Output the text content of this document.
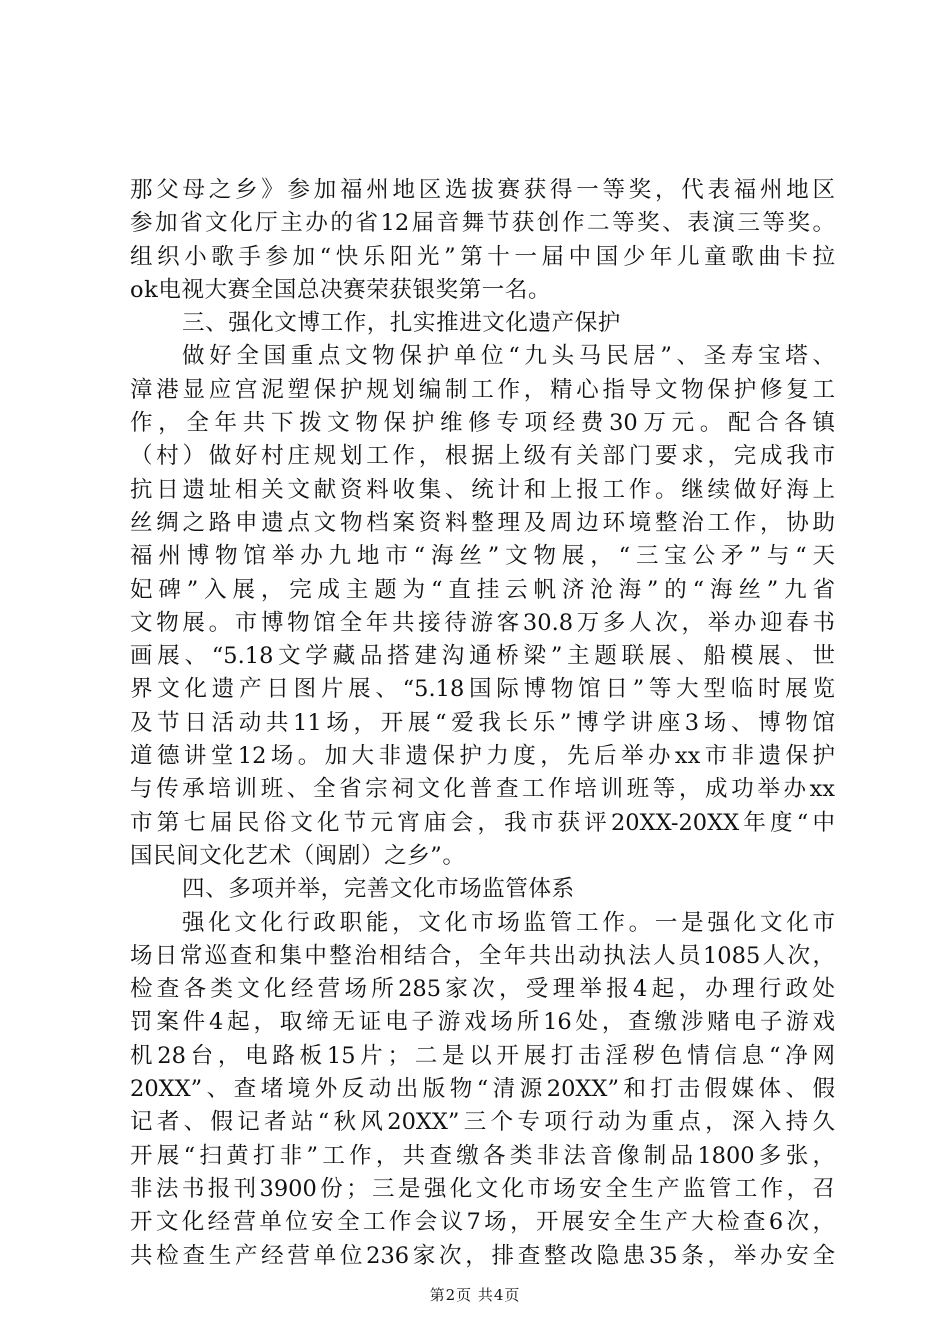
那父母之乡》参加福州地区选拔赛获得一等奖，代表福州地区
参加省文化厅主办的省12届音舞节获创作二等奖、表演三等奖。
组织小歌手参加“快乐阳光”第十一届中国少年儿童歌曲卡拉
ok电视大赛全国总决赛荣获银奖第一名。
三、强化文博工作，扎实推进文化遗产保护
做好全国重点文物保护单位“九头马民居”、圣寿宝塔、
漳港显应宫泥塑保护规划编制工作，精心指导文物保护修复工
作，全年共下拨文物保护维修专项经费30万元。配合各镇
（村）做好村庄规划工作，根据上级有关部门要求，完成我市
抗日遗址相关文献资料收集、统计和上报工作。继续做好海上
丝绸之路申遗点文物档案资料整理及周边环境整治工作，协助
福州博物馆举办九地市“海丝”文物展，“三宝公矛”与“天
妃碑”入展，完成主题为“直挂云帆济沧海”的“海丝”九省
文物展。市博物馆全年共接待游客30.8万多人次，举办迎春书
画展、“5.18文学藏品搭建沟通桥梁”主题联展、船模展、世
界文化遗产日图片展、“5.18国际博物馆日”等大型临时展览
及节日活动共11场，开展“爱我长乐”博学讲座3场、博物馆
道德讲堂12场。加大非遗保护力度，先后举办xx市非遗保护
与传承培训班、全省宗祠文化普查工作培训班等，成功举办xx
市第七届民俗文化节元宵庙会，我市获评20XX-20XX年度“中
国民间文化艺术（闽剧）之乡”。
四、多项并举，完善文化市场监管体系
强化文化行政职能，文化市场监管工作。一是强化文化市
场日常巡查和集中整治相结合，全年共出动执法人员1085人次，
检查各类文化经营场所285家次，受理举报4起，办理行政处
罚案件4起，取缔无证电子游戏场所16处，查缴涉赌电子游戏
机28台，电路板15片；二是以开展打击淫秽色情信息“净网
20XX”、查堵境外反动出版物“清源20XX”和打击假媒体、假
记者、假记者站“秋风20XX”三个专项行动为重点，深入持久
开展“扫黄打非”工作，共查缴各类非法音像制品1800多张，
非法书报刊3900份；三是强化文化市场安全生产监管工作，召
开文化经营单位安全工作会议7场，开展安全生产大检查6次，
共检查生产经营单位236家次，排查整改隐患35条，举办安全
第2页 共4页
